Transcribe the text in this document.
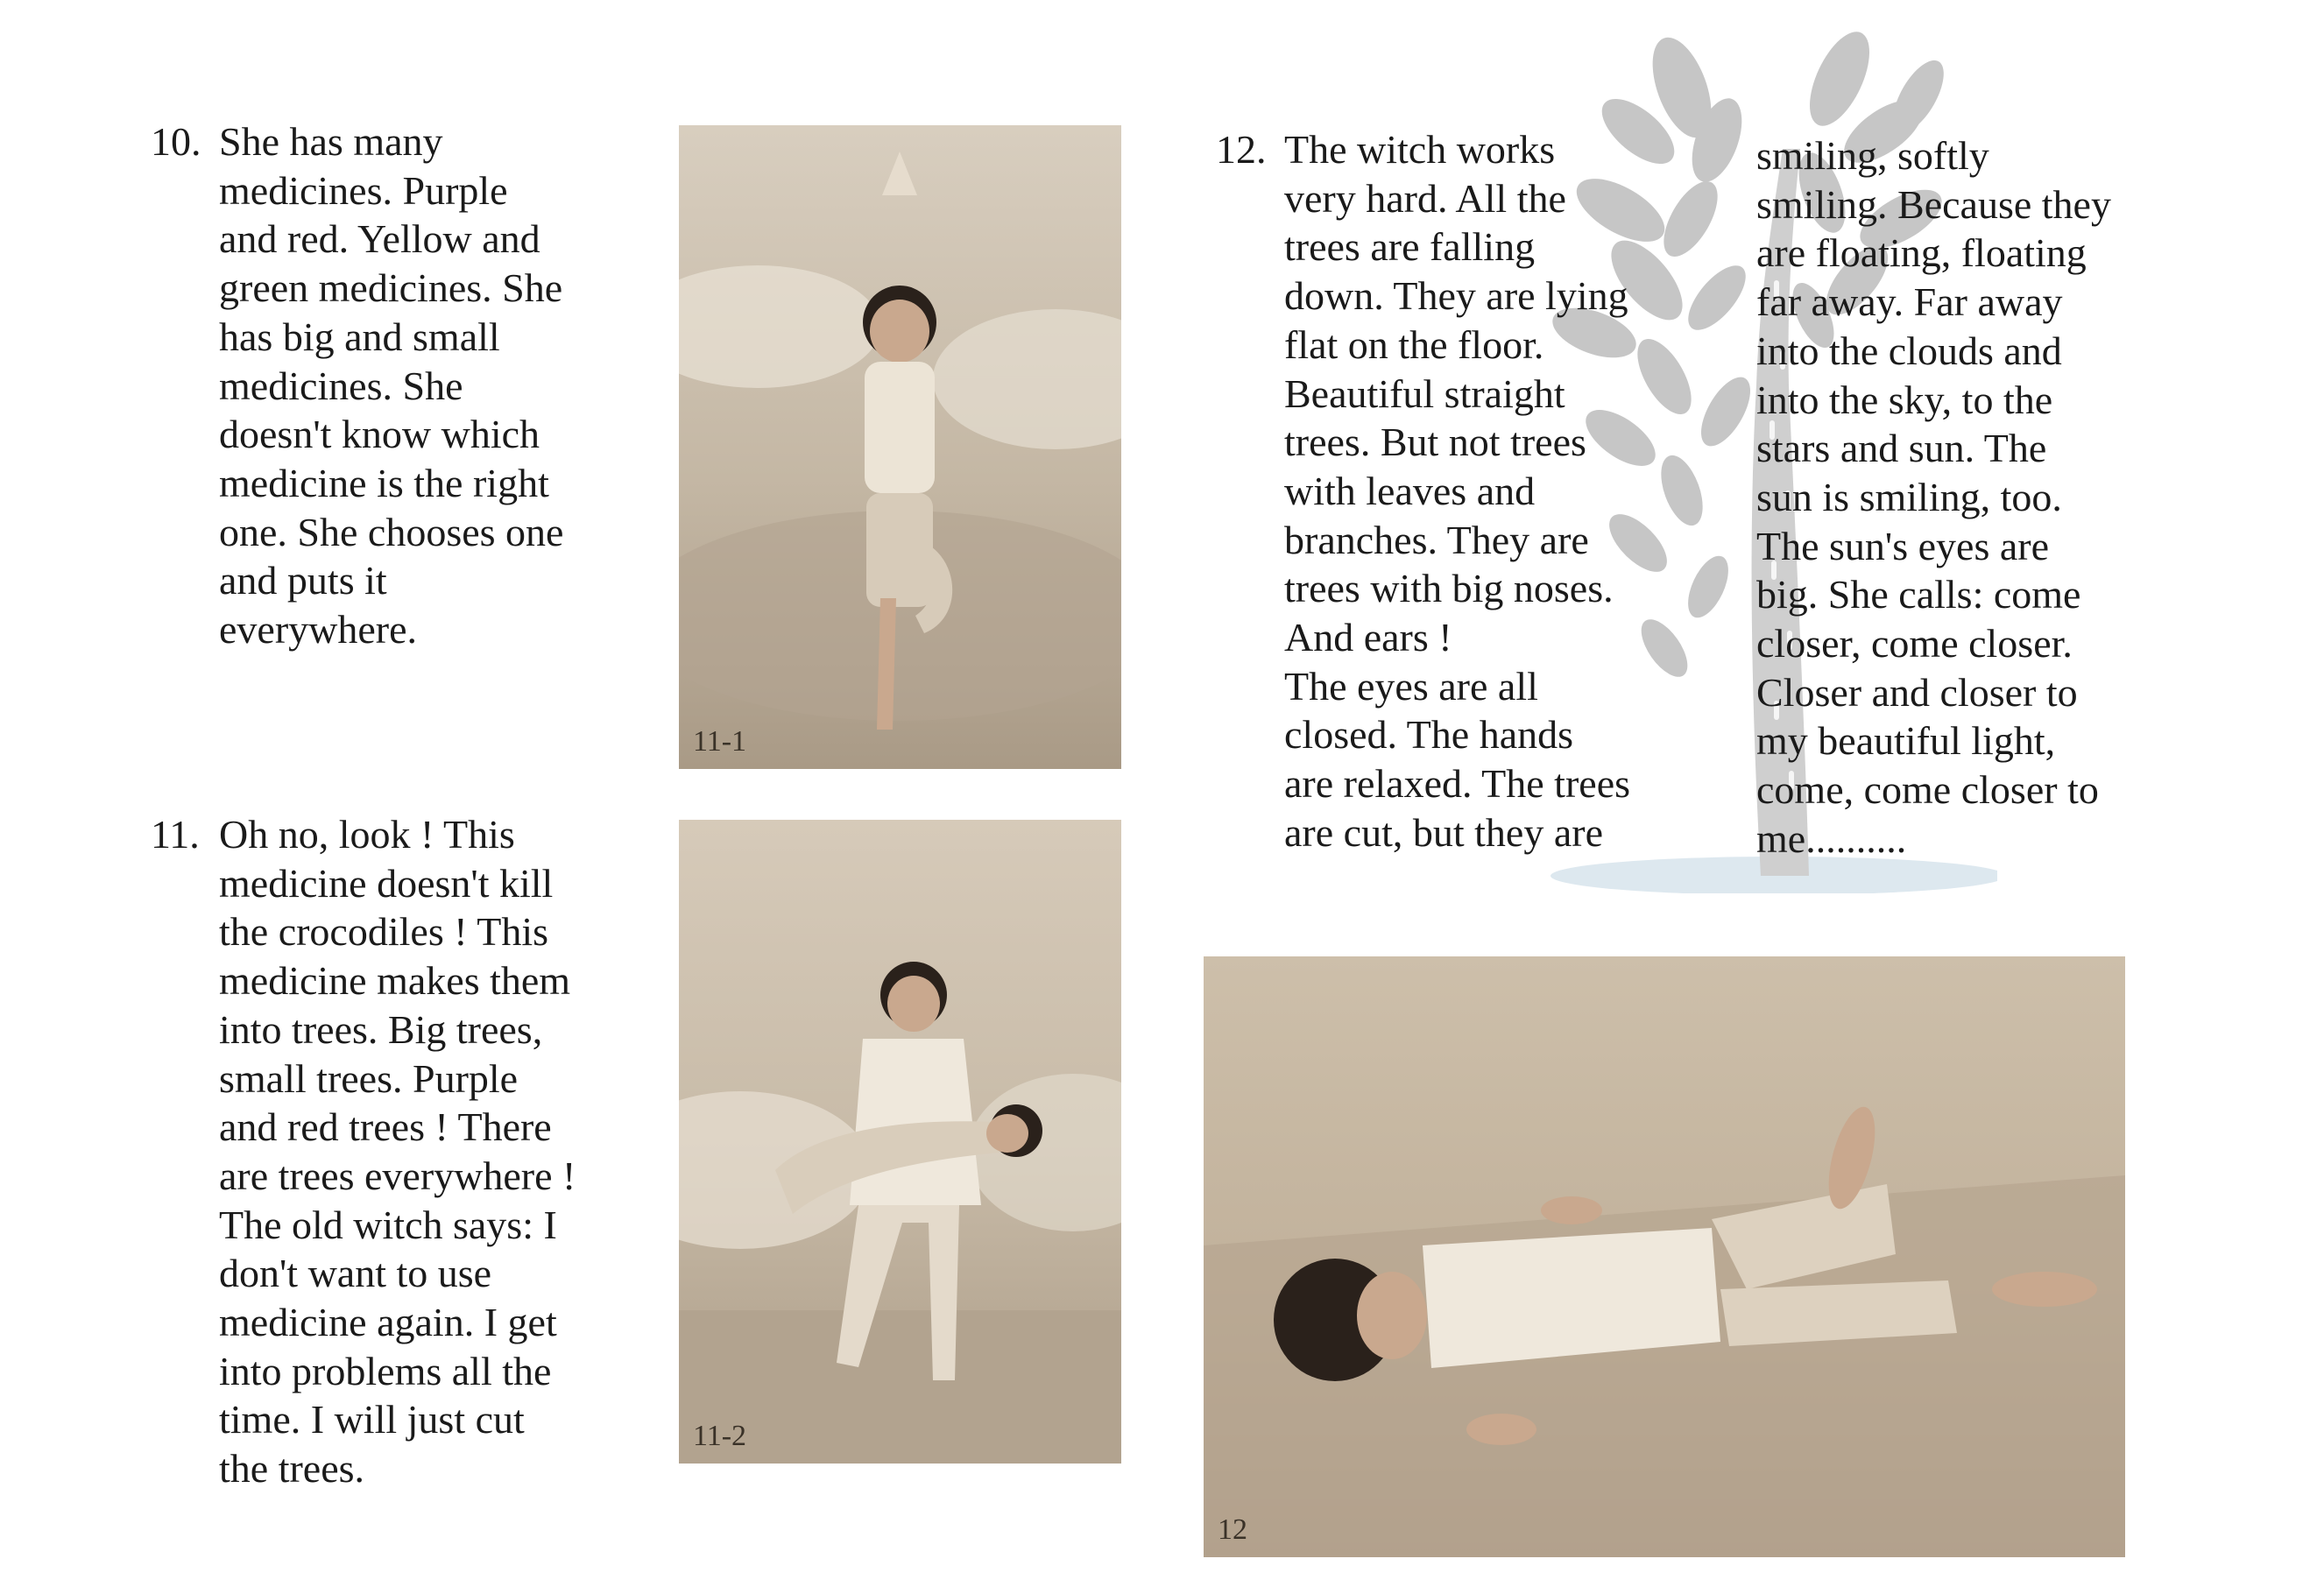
10. She has many
medicines. Purple
and red. Yellow and
green medicines. She
has big and small
medicines. She
doesn't know which
medicine is the right
one. She chooses one
and puts it
everywhere.
11. Oh no, look ! This
medicine doesn't kill
the crocodiles ! This
medicine makes them
into trees. Big trees,
small trees. Purple
and red trees ! There
are trees everywhere !
The old witch says: I
don't want to use
medicine again. I get
into problems all the
time. I will just cut
the trees.
12. The witch works
very hard. All the
trees are falling
down. They are lying
flat on the floor.
Beautiful straight
trees. But not trees
with leaves and
branches. They are
trees with big noses.
And ears !
The eyes are all
closed. The hands
are relaxed. The trees
are cut, but they are
smiling, softly
smiling. Because they
are floating, floating
far away. Far away
into the clouds and
into the sky, to the
stars and sun. The
sun is smiling, too.
The sun's eyes are
big. She calls: come
closer, come closer.
Closer and closer to
my beautiful light,
come, come closer to
me..........
11-1
11-2
12
